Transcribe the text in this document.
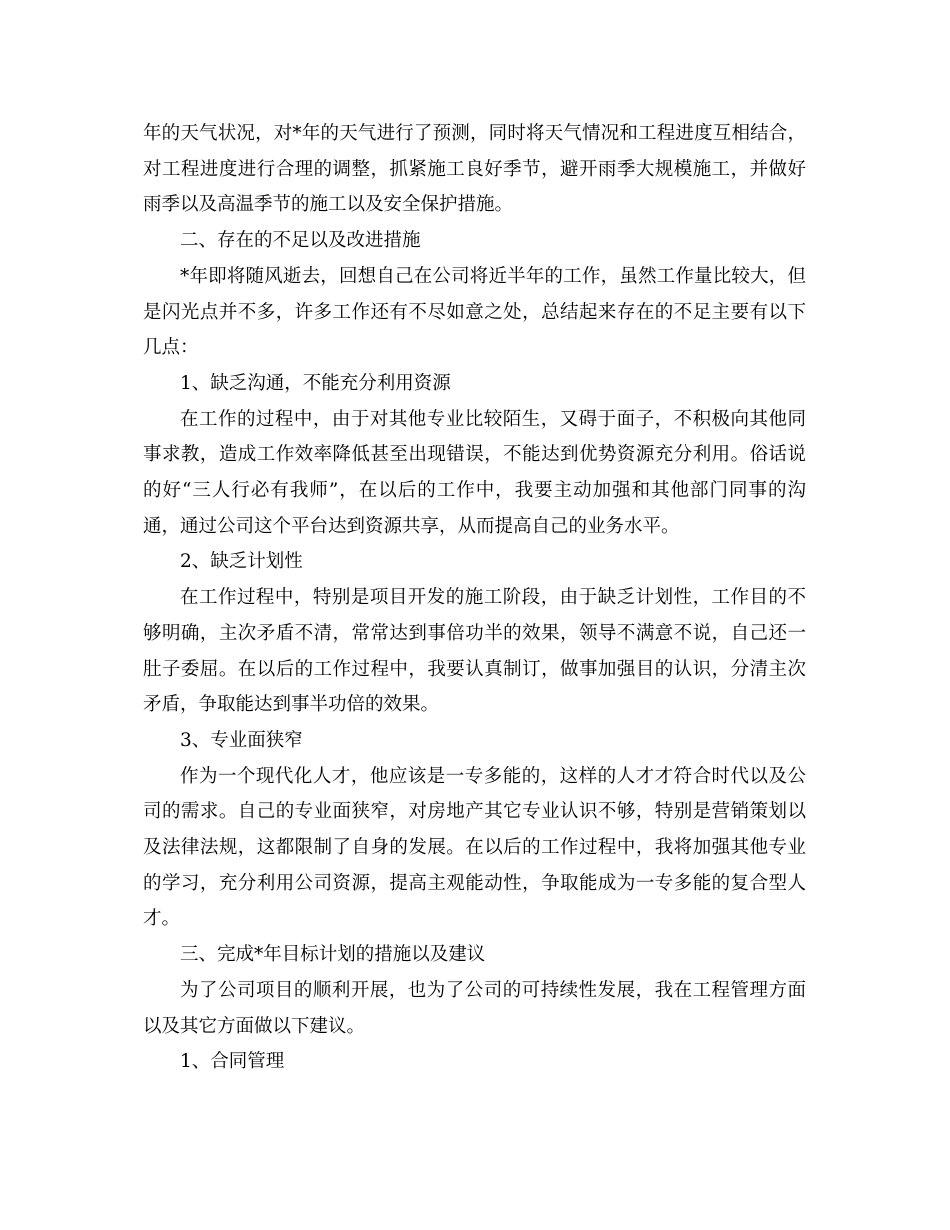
年的天气状况，对*年的天气进行了预测，同时将天气情况和工程进度互相结合，对工程进度进行合理的调整，抓紧施工良好季节，避开雨季大规模施工，并做好雨季以及高温季节的施工以及安全保护措施。

二、存在的不足以及改进措施

*年即将随风逝去，回想自己在公司将近半年的工作，虽然工作量比较大，但是闪光点并不多，许多工作还有不尽如意之处，总结起来存在的不足主要有以下几点：

1、缺乏沟通，不能充分利用资源

在工作的过程中，由于对其他专业比较陌生，又碍于面子，不积极向其他同事求教，造成工作效率降低甚至出现错误，不能达到优势资源充分利用。俗话说的好“三人行必有我师”，在以后的工作中，我要主动加强和其他部门同事的沟通，通过公司这个平台达到资源共享，从而提高自己的业务水平。

2、缺乏计划性

在工作过程中，特别是项目开发的施工阶段，由于缺乏计划性，工作目的不够明确，主次矛盾不清，常常达到事倍功半的效果，领导不满意不说，自己还一肚子委屈。在以后的工作过程中，我要认真制订，做事加强目的认识，分清主次矛盾，争取能达到事半功倍的效果。

3、专业面狭窄

作为一个现代化人才，他应该是一专多能的，这样的人才才符合时代以及公司的需求。自己的专业面狭窄，对房地产其它专业认识不够，特别是营销策划以及法律法规，这都限制了自身的发展。在以后的工作过程中，我将加强其他专业的学习，充分利用公司资源，提高主观能动性，争取能成为一专多能的复合型人才。

三、完成*年目标计划的措施以及建议

为了公司项目的顺利开展，也为了公司的可持续性发展，我在工程管理方面以及其它方面做以下建议。

1、合同管理
